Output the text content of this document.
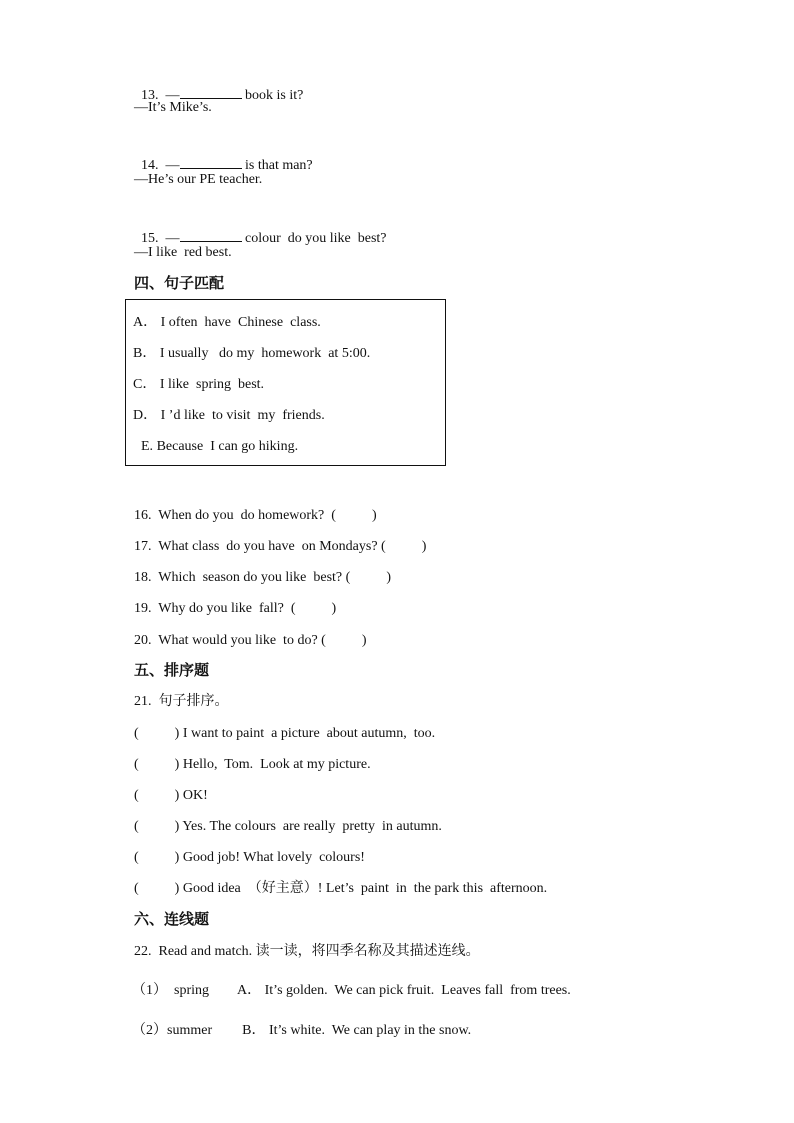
13. —	book is it?

—It’s Mike’s.

14. —	is that man?

—He’s our PE teacher.

15. —	colour  do you like  best?

—I like  red best.
四、句子匹配
A． I often  have  Chinese  class.
B． I usually   do my  homework  at 5:00.
C． I like  spring  best.
D． I ’d like  to visit  my  friends.
E. Because  I can go hiking.
16. When do you  do homework?  (	)
17. What class  do you have  on Mondays? (	)
18. Which  season do you like  best? (	)
19. Why do you like  fall?  (	)
20. What would you like  to do? (	)
五、排序题
21. 句子排序。
(	) I want to paint  a picture  about autumn,  too.
(	) Hello,  Tom.  Look at my picture.
(	) OK!
(	) Yes. The colours  are really  pretty  in autumn.
(	) Good job! What lovely  colours!
(	) Good idea  （好主意）! Let’s  paint  in  the park this  afternoon.
六、连线题
22. Read and match. 读一读，将四季名称及其描述连线。
（1） spring A． It’s golden.  We can pick fruit.  Leaves fall  from trees.
（2）summer B． It’s white.  We can play in the snow.
